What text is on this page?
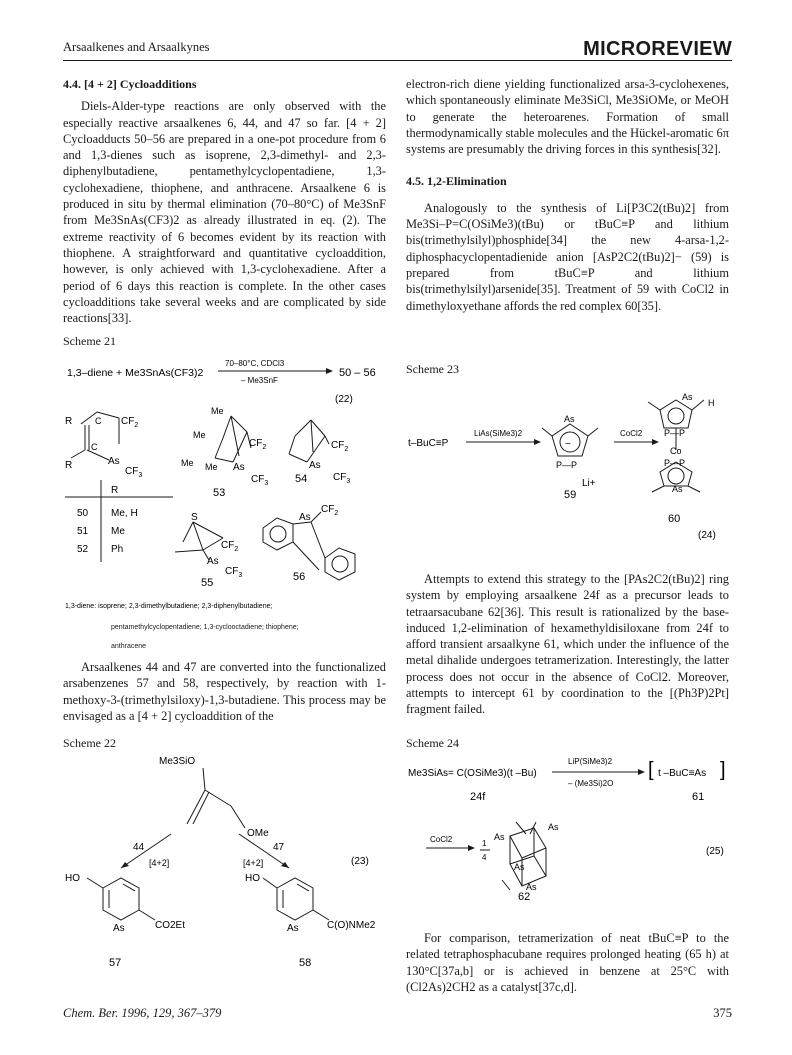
Arsaalkenes and Arsaalkynes	MICROREVIEW

4.4. [4 + 2] Cycloadditions

Diels-Alder-type reactions are only observed with the especially reactive arsaalkenes 6, 44, and 47 so far. [4 + 2] Cycloadducts 50–56 are prepared in a one-pot procedure from 6 and 1,3-dienes such as isoprene, 2,3-dimethyl- and 2,3-diphenylbutadiene, pentamethylcyclopentadiene, 1,3-cyclohexadiene, thiophene, and anthracene. Arsaalkene 6 is produced in situ by thermal elimination (70–80°C) of Me3SnF from Me3SnAs(CF3)2 as already illustrated in eq. (2). The extreme reactivity of 6 becomes evident by its reaction with thiophene. A straightforward and quantitative cycloaddition, however, is only achieved with 1,3-cyclohexadiene. After a period of 6 days this reaction is complete. In the other cases cycloadditions take several weeks and are complicated by side reactions[33].

Scheme 21
1,3–diene + Me3SnAs(CF3)2
70–80°C, CDCl3
– Me3SnF
50 – 56
(22)
R	C $CF_2$
C
R	As
$CF_3$
R
50 Me, H
51 Me
52 Ph
Me
Me
$CF_2$
Me Me As
$CF_3$
53
$CF_2$
As
$CF_3$
54
S
$CF_2$
As
$CF_3$
55
As
$CF_2$
56
1,3-diene: isoprene; 2,3-dimethylbutadiene; 2,3-diphenylbutadiene;
pentamethylcyclopentadiene; 1,3-cyclooctadiene; thiophene;
anthracene

Arsaalkenes 44 and 47 are converted into the functionalized arsabenzenes 57 and 58, respectively, by reaction with 1-methoxy-3-(trimethylsiloxy)-1,3-butadiene. This process may be envisaged as a [4 + 2] cycloaddition of the

Scheme 22
Me3SiO
OMe
44
[4+2]
47
[4+2]	(23)
HO
As	CO2Et
57
HO
As	C(O)NMe2
58

electron-rich diene yielding functionalized arsa-3-cyclohexenes, which spontaneously eliminate Me3SiCl, Me3SiOMe, or MeOH to generate the heteroarenes. Formation of small thermodynamically stable molecules and the Hückel-aromatic 6π systems are presumably the driving forces in this synthesis[32].

4.5. 1,2-Elimination

Analogously to the synthesis of Li[P3C2(tBu)2] from Me3Si–P=C(OSiMe3)(tBu) or tBuC≡P and lithium bis(trimethylsilyl)phosphide[34] the new 4-arsa-1,2-diphosphacyclopentadienide anion [AsP2C2(tBu)2]− (59) is prepared from tBuC≡P and lithium bis(trimethylsilyl)arsenide[35]. Treatment of 59 with CoCl2 in dimethyloxyethane affords the red complex 60[35].

Scheme 23
t–BuC≡P
LiAs(SiMe3)2
−
As
P—P
Li+
59
CoCl2
As
H
P—P
Co
P—P
As
60
(24)

Attempts to extend this strategy to the [PAs2C2(tBu)2] ring system by employing arsaalkene 24f as a precursor leads to tetraarsacubane 62[36]. This result is rationalized by the base-induced 1,2-elimination of hexamethyldisiloxane from 24f to afford transient arsaalkyne 61, which under the influence of the metal dihalide undergoes tetramerization. Interestingly, the latter process does not occur in the absence of CoCl2. Moreover, attempts to intercept 61 by coordination to the [(Ph3P)2Pt] fragment failed.

Scheme 24
Me3SiAs= C(OSiMe3)(t –Bu)
LiP(SiMe3)2
– (Me3Si)2O
[ t –BuC≡As ]
24f	61
CoCl2	1
4
As
As
As
As
(25)
62

For comparison, tetramerization of neat tBuC≡P to the related tetraphosphacubane requires prolonged heating (65 h) at 130°C[37a,b] or is achieved in benzene at 25°C with (Cl2As)2CH2 as a catalyst[37c,d].

Chem. Ber. 1996, 129, 367–379	375
